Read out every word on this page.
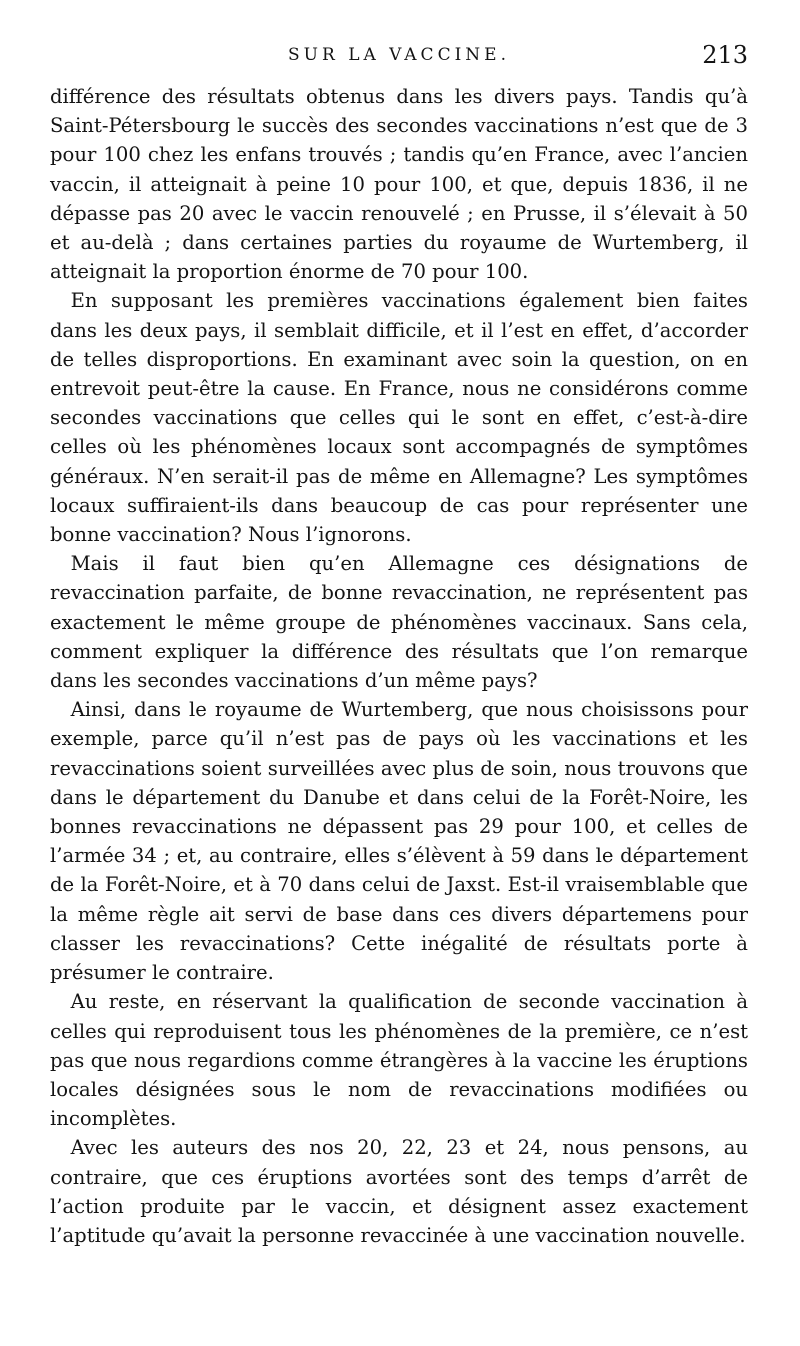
SUR LA VACCINE.	213

différence des résultats obtenus dans les divers pays. Tandis qu’à Saint-Pétersbourg le succès des secondes vaccinations n’est que de 3 pour 100 chez les enfans trouvés ; tandis qu’en France, avec l’ancien vaccin, il atteignait à peine 10 pour 100, et que, depuis 1836, il ne dépasse pas 20 avec le vaccin renouvelé ; en Prusse, il s’élevait à 50 et au-delà ; dans certaines parties du royaume de Wurtemberg, il atteignait la proportion énorme de 70 pour 100.

En supposant les premières vaccinations également bien faites dans les deux pays, il semblait difficile, et il l’est en effet, d’accorder de telles disproportions. En examinant avec soin la question, on en entrevoit peut-être la cause. En France, nous ne considérons comme secondes vaccinations que celles qui le sont en effet, c’est-à-dire celles où les phénomènes locaux sont accompagnés de symptômes généraux. N’en serait-il pas de même en Allemagne? Les symptômes locaux suffiraient-ils dans beaucoup de cas pour représenter une bonne vaccination? Nous l’ignorons.

Mais il faut bien qu’en Allemagne ces désignations de revaccination parfaite, de bonne revaccination, ne représentent pas exactement le même groupe de phénomènes vaccinaux. Sans cela, comment expliquer la différence des résultats que l’on remarque dans les secondes vaccinations d’un même pays?

Ainsi, dans le royaume de Wurtemberg, que nous choisissons pour exemple, parce qu’il n’est pas de pays où les vaccinations et les revaccinations soient surveillées avec plus de soin, nous trouvons que dans le département du Danube et dans celui de la Forêt-Noire, les bonnes revaccinations ne dépassent pas 29 pour 100, et celles de l’armée 34 ; et, au contraire, elles s’élèvent à 59 dans le département de la Forêt-Noire, et à 70 dans celui de Jaxst. Est-il vraisemblable que la même règle ait servi de base dans ces divers départemens pour classer les revaccinations? Cette inégalité de résultats porte à présumer le contraire.

Au reste, en réservant la qualification de seconde vaccination à celles qui reproduisent tous les phénomènes de la première, ce n’est pas que nous regardions comme étrangères à la vaccine les éruptions locales désignées sous le nom de revaccinations modifiées ou incomplètes.

Avec les auteurs des nos 20, 22, 23 et 24, nous pensons, au contraire, que ces éruptions avortées sont des temps d’arrêt de l’action produite par le vaccin, et désignent assez exactement l’aptitude qu’avait la personne revaccinée à une vaccination nouvelle.
